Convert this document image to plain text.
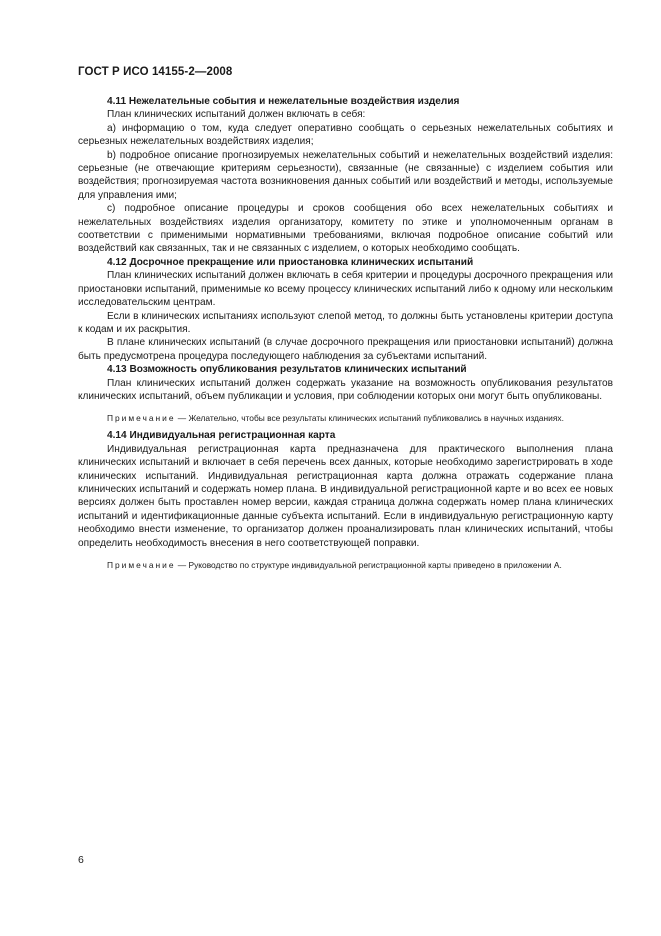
ГОСТ Р ИСО 14155-2—2008
4.11 Нежелательные события и нежелательные воздействия изделия

План клинических испытаний должен включать в себя:

а) информацию о том, куда следует оперативно сообщать о серьезных нежелательных событиях и серьезных нежелательных воздействиях изделия;

b) подробное описание прогнозируемых нежелательных событий и нежелательных воздействий изделия: серьезные (не отвечающие критериям серьезности), связанные (не связанные) с изделием события или воздействия; прогнозируемая частота возникновения данных событий или воздействий и методы, используемые для управления ими;

c) подробное описание процедуры и сроков сообщения обо всех нежелательных событиях и нежелательных воздействиях изделия организатору, комитету по этике и уполномоченным органам в соответствии с применимыми нормативными требованиями, включая подробное описание событий или воздействий как связанных, так и не связанных с изделием, о которых необходимо сообщать.

4.12 Досрочное прекращение или приостановка клинических испытаний

План клинических испытаний должен включать в себя критерии и процедуры досрочного прекращения или приостановки испытаний, применимые ко всему процессу клинических испытаний либо к одному или нескольким исследовательским центрам.

Если в клинических испытаниях используют слепой метод, то должны быть установлены критерии доступа к кодам и их раскрытия.

В плане клинических испытаний (в случае досрочного прекращения или приостановки испытаний) должна быть предусмотрена процедура последующего наблюдения за субъектами испытаний.

4.13 Возможность опубликования результатов клинических испытаний

План клинических испытаний должен содержать указание на возможность опубликования результатов клинических испытаний, объем публикации и условия, при соблюдении которых они могут быть опубликованы.

Примечание — Желательно, чтобы все результаты клинических испытаний публиковались в научных изданиях.

4.14 Индивидуальная регистрационная карта

Индивидуальная регистрационная карта предназначена для практического выполнения плана клинических испытаний и включает в себя перечень всех данных, которые необходимо зарегистрировать в ходе клинических испытаний. Индивидуальная регистрационная карта должна отражать содержание плана клинических испытаний и содержать номер плана. В индивидуальной регистрационной карте и во всех ее новых версиях должен быть проставлен номер версии, каждая страница должна содержать номер плана клинических испытаний и идентификационные данные субъекта испытаний. Если в индивидуальную регистрационную карту необходимо внести изменение, то организатор должен проанализировать план клинических испытаний, чтобы определить необходимость внесения в него соответствующей поправки.

Примечание — Руководство по структуре индивидуальной регистрационной карты приведено в приложении А.

6
